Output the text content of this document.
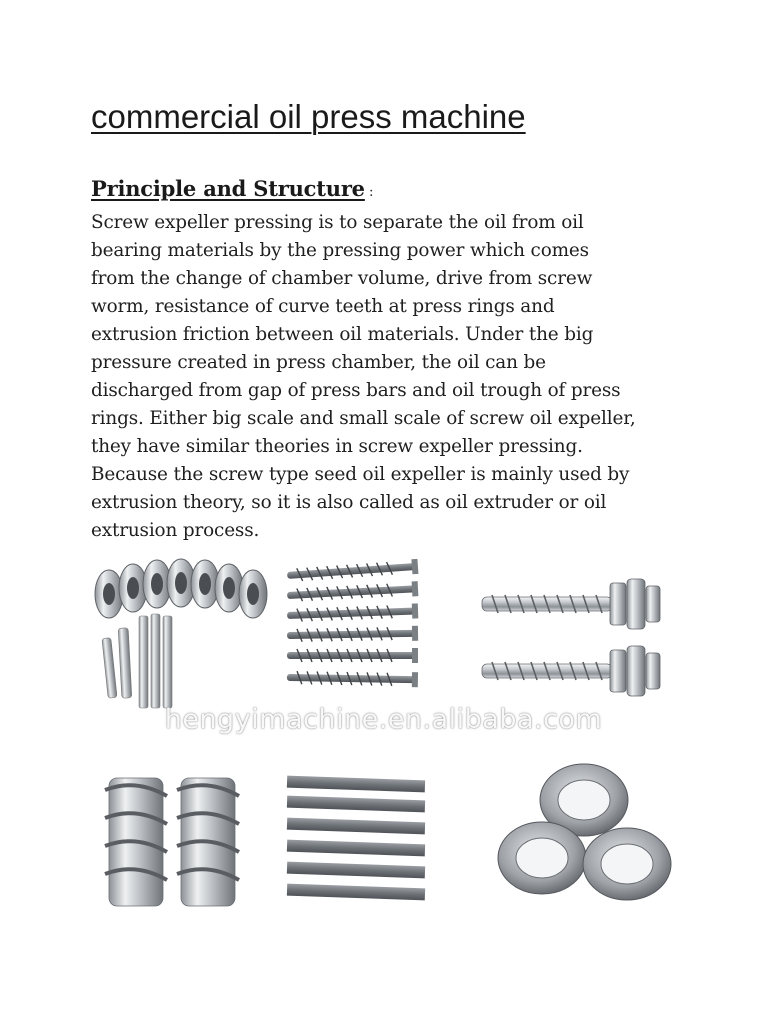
commercial oil press machine
Principle and Structure :

Screw expeller pressing is to separate the oil from oil
bearing materials by the pressing power which comes
from the change of chamber volume, drive from screw
worm, resistance of curve teeth at press rings and
extrusion friction between oil materials. Under the big
pressure created in press chamber, the oil can be
discharged from gap of press bars and oil trough of press
rings. Either big scale and small scale of screw oil expeller,
they have similar theories in screw expeller pressing.
Because the screw type seed oil expeller is mainly used by
extrusion theory, so it is also called as oil extruder or oil
extrusion process.

hengyimachine.en.alibaba.com
